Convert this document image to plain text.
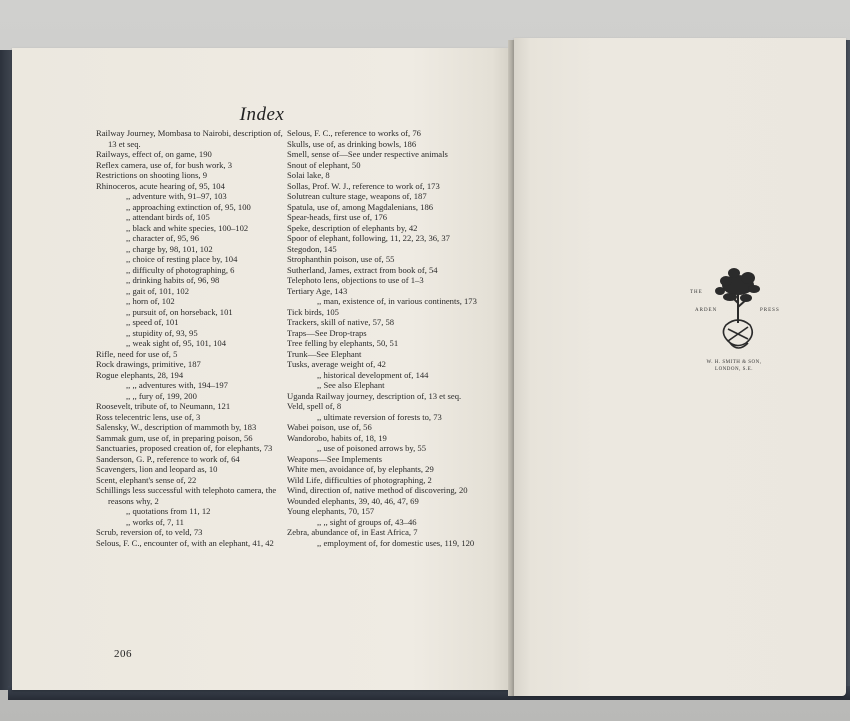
Index
Railway Journey, Mombasa to Nairobi, description of, 13 et seq.
Railways, effect of, on game, 190
Reflex camera, use of, for bush work, 3
Restrictions on shooting lions, 9
Rhinoceros, acute hearing of, 95, 104
,, adventure with, 91–97, 103
,, approaching extinction of, 95, 100
,, attendant birds of, 105
,, black and white species, 100–102
,, character of, 95, 96
,, charge by, 98, 101, 102
,, choice of resting place by, 104
,, difficulty of photographing, 6
,, drinking habits of, 96, 98
,, gait of, 101, 102
,, horn of, 102
,, pursuit of, on horseback, 101
,, speed of, 101
,, stupidity of, 93, 95
,, weak sight of, 95, 101, 104
Rifle, need for use of, 5
Rock drawings, primitive, 187
Rogue elephants, 28, 194
,, ,, adventures with, 194–197
,, ,, fury of, 199, 200
Roosevelt, tribute of, to Neumann, 121
Ross telecentric lens, use of, 3
Salensky, W., description of mammoth by, 183
Sammak gum, use of, in preparing poison, 56
Sanctuaries, proposed creation of, for elephants, 73
Sanderson, G. P., reference to work of, 64
Scavengers, lion and leopard as, 10
Scent, elephant's sense of, 22
Schillings less successful with telephoto camera, the reasons why, 2
,, quotations from 11, 12
,, works of, 7, 11
Scrub, reversion of, to veld, 73
Selous, F. C., encounter of, with an elephant, 41, 42
Selous, F. C., reference to works of, 76
Skulls, use of, as drinking bowls, 186
Smell, sense of—See under respective animals
Snout of elephant, 50
Solai lake, 8
Sollas, Prof. W. J., reference to work of, 173
Solutrean culture stage, weapons of, 187
Spatula, use of, among Magdalenians, 186
Spear-heads, first use of, 176
Speke, description of elephants by, 42
Spoor of elephant, following, 11, 22, 23, 36, 37
Stegodon, 145
Strophanthin poison, use of, 55
Sutherland, James, extract from book of, 54
Telephoto lens, objections to use of 1–3
Tertiary Age, 143
,, man, existence of, in various continents, 173
Tick birds, 105
Trackers, skill of native, 57, 58
Traps—See Drop-traps
Tree felling by elephants, 50, 51
Trunk—See Elephant
Tusks, average weight of, 42
,, historical development of, 144
,, See also Elephant
Uganda Railway journey, description of, 13 et seq.
Veld, spell of, 8
,, ultimate reversion of forests to, 73
Wabei poison, use of, 56
Wandorobo, habits of, 18, 19
,, use of poisoned arrows by, 55
Weapons—See Implements
White men, avoidance of, by elephants, 29
Wild Life, difficulties of photographing, 2
Wind, direction of, native method of discovering, 20
Wounded elephants, 39, 40, 46, 47, 69
Young elephants, 70, 157
,, ,, sight of groups of, 43–46
Zebra, abundance of, in East Africa, 7
,, employment of, for domestic uses, 119, 120
206
THE
ARDEN	PRESS
W. H. SMITH & SON,
LONDON, S.E.
